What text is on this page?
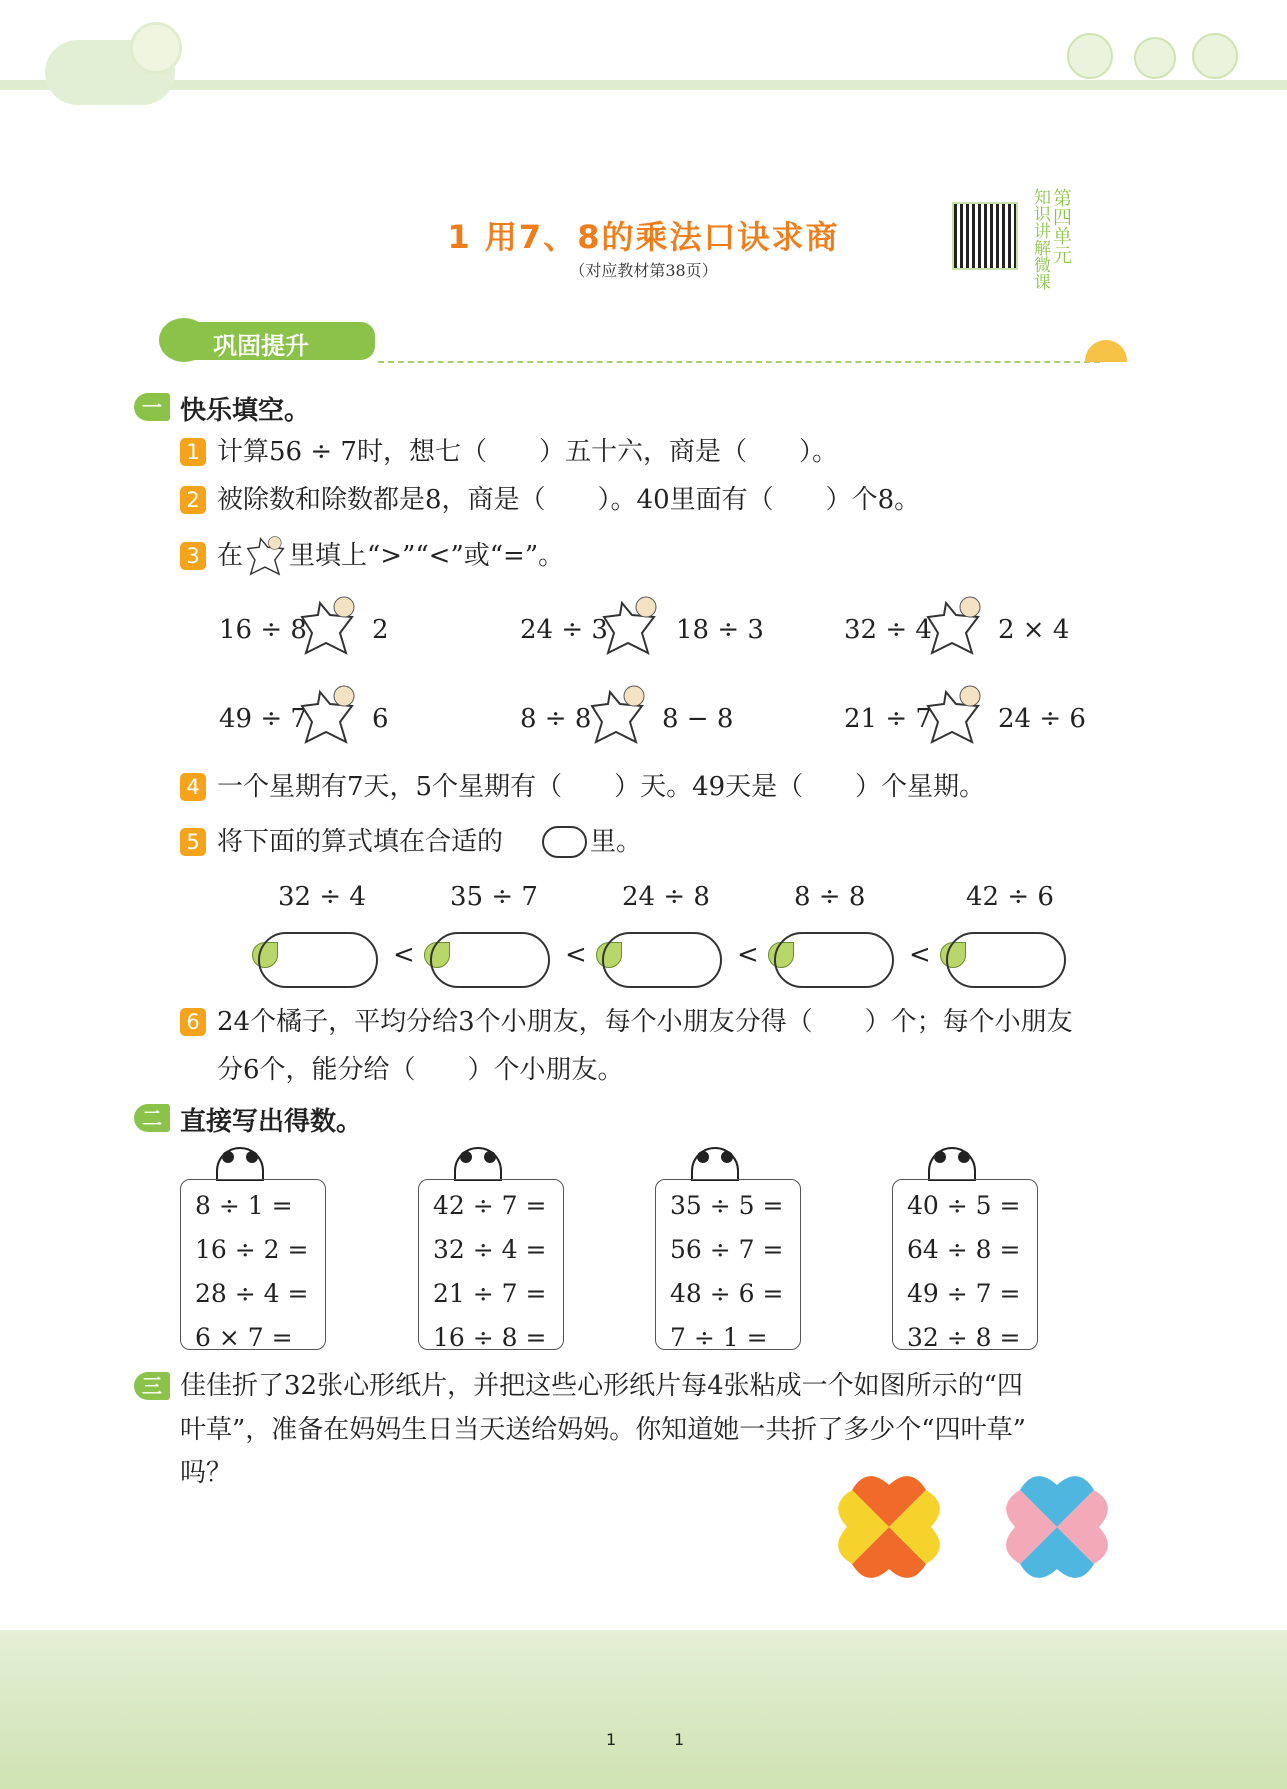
1 用7、8的乘法口诀求商
（对应教材第38页）
第四单元
知识讲解微课
巩固提升
一 快乐填空。
1 计算56 ÷ 7时，想七（　　）五十六，商是（　　）。
2 被除数和除数都是8，商是（　　）。40里面有（　　）个8。
3 在 里填上“>”“<”或“=”。
16 ÷ 8	2	24 ÷ 3	18 ÷ 3	32 ÷ 4	2 × 4
49 ÷ 7	6	8 ÷ 8	8 − 8	21 ÷ 7	24 ÷ 6
4 一个星期有7天，5个星期有（　　）天。49天是（　　）个星期。
5 将下面的算式填在合适的	里。
32 ÷ 4	35 ÷ 7	24 ÷ 8	8 ÷ 8	42 ÷ 6
<	<	<	<
6 24个橘子，平均分给3个小朋友，每个小朋友分得（　　）个；每个小朋友
分6个，能分给（　　）个小朋友。
二 直接写出得数。
8 ÷ 1 =
16 ÷ 2 =
28 ÷ 4 =
6 × 7 =
42 ÷ 7 =
32 ÷ 4 =
21 ÷ 7 =
16 ÷ 8 =
35 ÷ 5 =
56 ÷ 7 =
48 ÷ 6 =
7 ÷ 1 =
40 ÷ 5 =
64 ÷ 8 =
49 ÷ 7 =
32 ÷ 8 =
三 佳佳折了32张心形纸片，并把这些心形纸片每4张粘成一个如图所示的“四
叶草”，准备在妈妈生日当天送给妈妈。你知道她一共折了多少个“四叶草”
吗？
1	1
